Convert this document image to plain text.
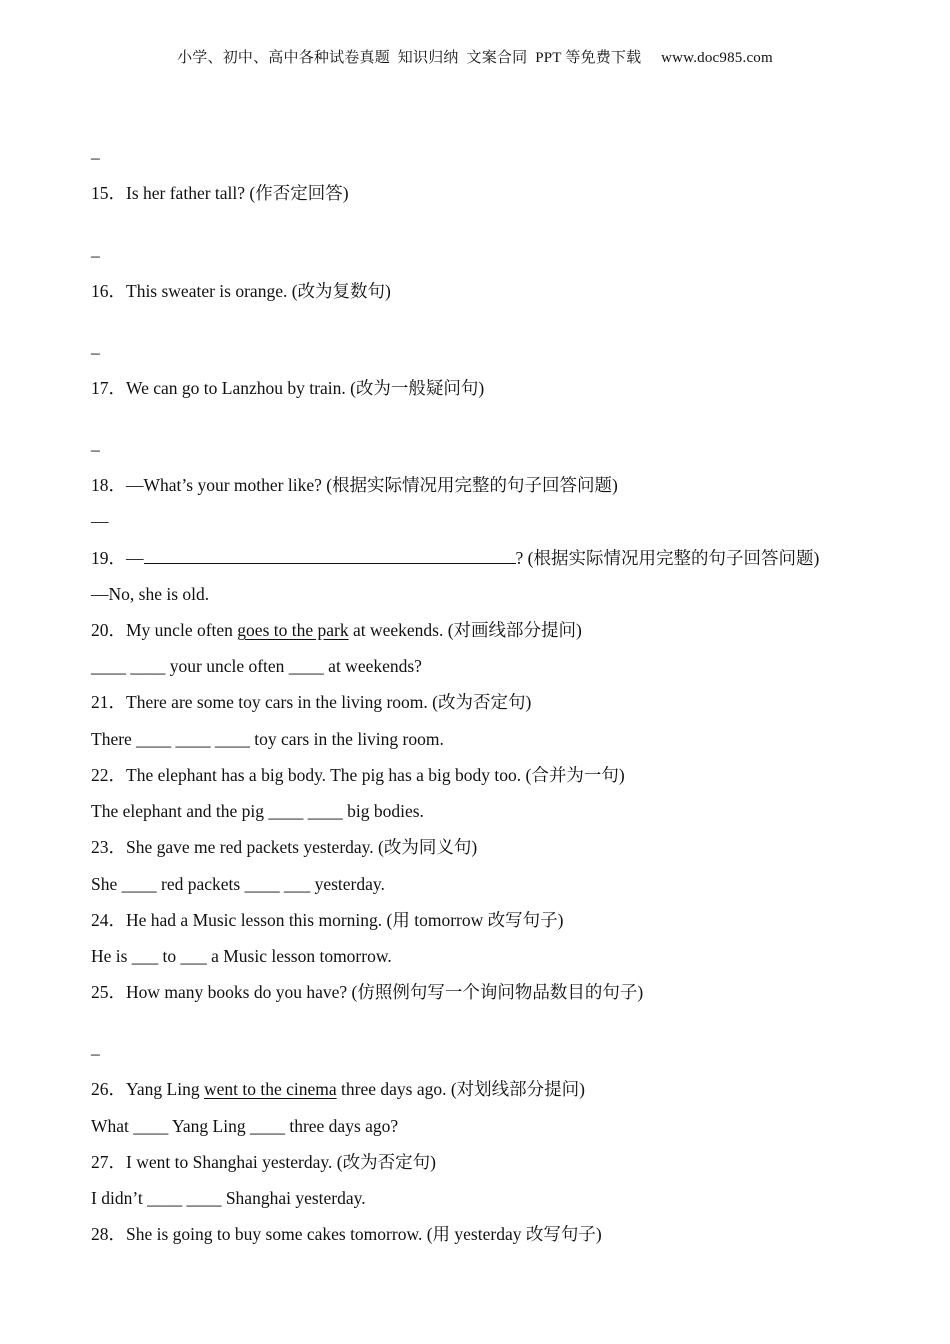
小学、初中、高中各种试卷真题  知识归纳  文案合同  PPT 等免费下载     www.doc985.com
_
15．Is her father tall? (作否定回答)
_
16．This sweater is orange. (改为复数句)
_
17．We can go to Lanzhou by train. (改为一般疑问句)
_
18．—What’s your mother like? (根据实际情况用完整的句子回答问题)
—
19．—	? (根据实际情况用完整的句子回答问题)
—No, she is old.
20．My uncle often goes to the park at weekends. (对画线部分提问)
____ ____ your uncle often ____ at weekends?
21．There are some toy cars in the living room. (改为否定句)
There ____ ____ ____ toy cars in the living room.
22．The elephant has a big body. The pig has a big body too. (合并为一句)
The elephant and the pig ____ ____ big bodies.
23．She gave me red packets yesterday. (改为同义句)
She ____ red packets ____ ___ yesterday.
24．He had a Music lesson this morning. (用 tomorrow 改写句子)
He is ___ to ___ a Music lesson tomorrow.
25．How many books do you have? (仿照例句写一个询问物品数目的句子)
_
26．Yang Ling went to the cinema three days ago. (对划线部分提问)
What ____ Yang Ling ____ three days ago?
27．I went to Shanghai yesterday. (改为否定句)
I didn’t ____ ____ Shanghai yesterday.
28．She is going to buy some cakes tomorrow. (用 yesterday 改写句子)
